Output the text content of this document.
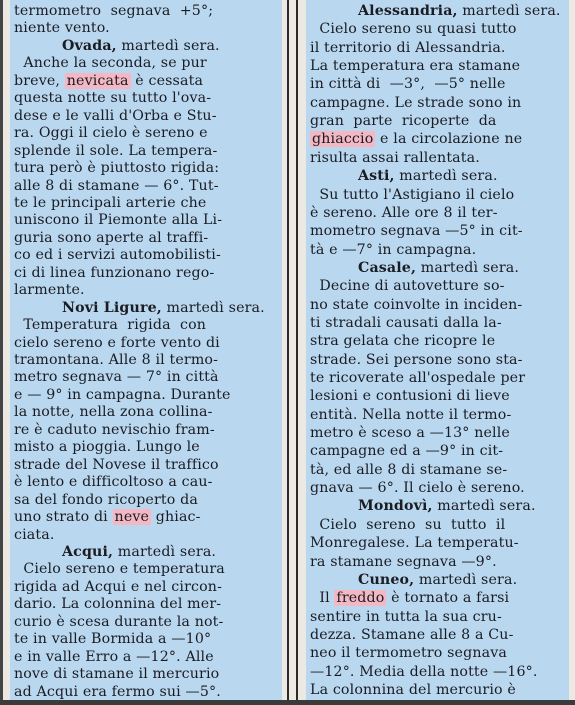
termometro  segnava  +5°;
niente vento.
Ovada, martedì sera.
Anche la seconda, se pur
breve, nevicata è cessata
questa notte su tutto l'ova-
dese e le valli d'Orba e Stu-
ra. Oggi il cielo è sereno e
splende il sole. La tempera-
tura però è piuttosto rigida:
alle 8 di stamane — 6°. Tut-
te le principali arterie che
uniscono il Piemonte alla Li-
guria sono aperte al traffi-
co ed i servizi automobilisti-
ci di linea funzionano rego-
larmente.
Novi Ligure, martedì sera.
Temperatura  rigida  con
cielo sereno e forte vento di
tramontana. Alle 8 il termo-
metro segnava — 7° in città
e — 9° in campagna. Durante
la notte, nella zona collina-
re è caduto nevischio fram-
misto a pioggia. Lungo le
strade del Novese il traffico
è lento e difficoltoso a cau-
sa del fondo ricoperto da
uno strato di neve ghiac-
ciata.
Acqui, martedì sera.
Cielo sereno e temperatura
rigida ad Acqui e nel circon-
dario. La colonnina del mer-
curio è scesa durante la not-
te in valle Bormida a —10°
e in valle Erro a —12°. Alle
nove di stamane il mercurio
ad Acqui era fermo sui —5°.
Alessandria, martedì sera.
Cielo sereno su quasi tutto
il territorio di Alessandria.
La temperatura era stamane
in città di  —3°,  —5° nelle
campagne. Le strade sono in
gran  parte  ricoperte  da
ghiaccio e la circolazione ne
risulta assai rallentata.
Asti, martedì sera.
Su tutto l'Astigiano il cielo
è sereno. Alle ore 8 il ter-
mometro segnava —5° in cit-
tà e —7° in campagna.
Casale, martedì sera.
Decine di autovetture so-
no state coinvolte in inciden-
ti stradali causati dalla la-
stra gelata che ricopre le
strade. Sei persone sono sta-
te ricoverate all'ospedale per
lesioni e contusioni di lieve
entità. Nella notte il termo-
metro è sceso a —13° nelle
campagne ed a —9° in cit-
tà, ed alle 8 di stamane se-
gnava — 6°. Il cielo è sereno.
Mondovì, martedì sera.
Cielo  sereno  su  tutto  il
Monregalese. La temperatu-
ra stamane segnava —9°.
Cuneo, martedì sera.
Il freddo è tornato a farsi
sentire in tutta la sua cru-
dezza. Stamane alle 8 a Cu-
neo il termometro segnava
—12°. Media della notte —16°.
La colonnina del mercurio è
